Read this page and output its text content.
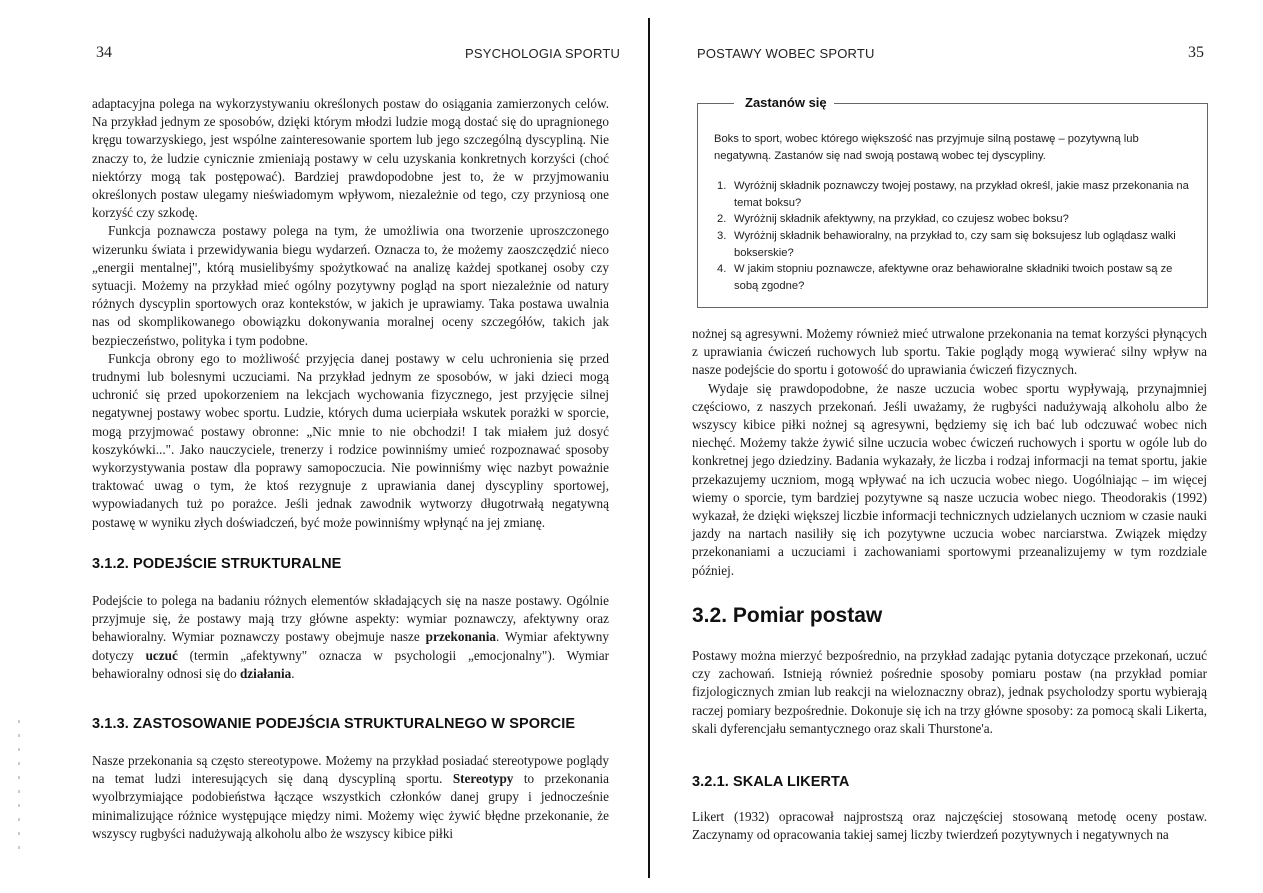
34	PSYCHOLOGIA SPORTU

adaptacyjna polega na wykorzystywaniu określonych postaw do osiągania zamierzonych celów. Na przykład jednym ze sposobów, dzięki którym młodzi ludzie mogą dostać się do upragnionego kręgu towarzyskiego, jest wspólne zainteresowanie sportem lub jego szczególną dyscypliną. Nie znaczy to, że ludzie cynicznie zmieniają postawy w celu uzyskania konkretnych korzyści (choć niektórzy mogą tak postępować). Bardziej prawdopodobne jest to, że w przyjmowaniu określonych postaw ulegamy nieświadomym wpływom, niezależnie od tego, czy przyniosą one korzyść czy szkodę.

Funkcja poznawcza postawy polega na tym, że umożliwia ona tworzenie uproszczonego wizerunku świata i przewidywania biegu wydarzeń. Oznacza to, że możemy zaoszczędzić nieco „energii mentalnej", którą musielibyśmy spożytkować na analizę każdej spotkanej osoby czy sytuacji. Możemy na przykład mieć ogólny pozytywny pogląd na sport niezależnie od natury różnych dyscyplin sportowych oraz kontekstów, w jakich je uprawiamy. Taka postawa uwalnia nas od skomplikowanego obowiązku dokonywania moralnej oceny szczegółów, takich jak bezpieczeństwo, polityka i tym podobne.

Funkcja obrony ego to możliwość przyjęcia danej postawy w celu uchronienia się przed trudnymi lub bolesnymi uczuciami. Na przykład jednym ze sposobów, w jaki dzieci mogą uchronić się przed upokorzeniem na lekcjach wychowania fizycznego, jest przyjęcie silnej negatywnej postawy wobec sportu. Ludzie, których duma ucierpiała wskutek porażki w sporcie, mogą przyjmować postawy obronne: „Nic mnie to nie obchodzi! I tak miałem już dosyć koszykówki...". Jako nauczyciele, trenerzy i rodzice powinniśmy umieć rozpoznawać sposoby wykorzystywania postaw dla poprawy samopoczucia. Nie powinniśmy więc nazbyt poważnie traktować uwag o tym, że ktoś rezygnuje z uprawiania danej dyscypliny sportowej, wypowiadanych tuż po porażce. Jeśli jednak zawodnik wytworzy długotrwałą negatywną postawę w wyniku złych doświadczeń, być może powinniśmy wpłynąć na jej zmianę.

3.1.2. PODEJŚCIE STRUKTURALNE

Podejście to polega na badaniu różnych elementów składających się na nasze postawy. Ogólnie przyjmuje się, że postawy mają trzy główne aspekty: wymiar poznawczy, afektywny oraz behawioralny. Wymiar poznawczy postawy obejmuje nasze przekonania. Wymiar afektywny dotyczy uczuć (termin „afektywny" oznacza w psychologii „emocjonalny"). Wymiar behawioralny odnosi się do działania.

3.1.3. ZASTOSOWANIE PODEJŚCIA STRUKTURALNEGO W SPORCIE

Nasze przekonania są często stereotypowe. Możemy na przykład posiadać stereotypowe poglądy na temat ludzi interesujących się daną dyscypliną sportu. Stereotypy to przekonania wyolbrzymiające podobieństwa łączące wszystkich członków danej grupy i jednocześnie minimalizujące różnice występujące między nimi. Możemy więc żywić błędne przekonanie, że wszyscy rugbyści nadużywają alkoholu albo że wszyscy kibice piłki

POSTAWY WOBEC SPORTU	35
Zastanów się

Boks to sport, wobec którego większość nas przyjmuje silną postawę – pozytywną lub negatywną. Zastanów się nad swoją postawą wobec tej dyscypliny.

1. Wyróżnij składnik poznawczy twojej postawy, na przykład określ, jakie masz przekonania na temat boksu?
2. Wyróżnij składnik afektywny, na przykład, co czujesz wobec boksu?
3. Wyróżnij składnik behawioralny, na przykład to, czy sam się boksujesz lub oglądasz walki bokserskie?
4. W jakim stopniu poznawcze, afektywne oraz behawioralne składniki twoich postaw są ze sobą zgodne?

nożnej są agresywni. Możemy również mieć utrwalone przekonania na temat korzyści płynących z uprawiania ćwiczeń ruchowych lub sportu. Takie poglądy mogą wywierać silny wpływ na nasze podejście do sportu i gotowość do uprawiania ćwiczeń fizycznych.

Wydaje się prawdopodobne, że nasze uczucia wobec sportu wypływają, przynajmniej częściowo, z naszych przekonań. Jeśli uważamy, że rugbyści nadużywają alkoholu albo że wszyscy kibice piłki nożnej są agresywni, będziemy się ich bać lub odczuwać wobec nich niechęć. Możemy także żywić silne uczucia wobec ćwiczeń ruchowych i sportu w ogóle lub do konkretnej jego dziedziny. Badania wykazały, że liczba i rodzaj informacji na temat sportu, jakie przekazujemy uczniom, mogą wpływać na ich uczucia wobec niego. Uogólniając – im więcej wiemy o sporcie, tym bardziej pozytywne są nasze uczucia wobec niego. Theodorakis (1992) wykazał, że dzięki większej liczbie informacji technicznych udzielanych uczniom w czasie nauki jazdy na nartach nasiliły się ich pozytywne uczucia wobec narciarstwa. Związek między przekonaniami a uczuciami i zachowaniami sportowymi przeanalizujemy w tym rozdziale później.

3.2. Pomiar postaw

Postawy można mierzyć bezpośrednio, na przykład zadając pytania dotyczące przekonań, uczuć czy zachowań. Istnieją również pośrednie sposoby pomiaru postaw (na przykład pomiar fizjologicznych zmian lub reakcji na wieloznaczny obraz), jednak psycholodzy sportu wybierają raczej pomiary bezpośrednie. Dokonuje się ich na trzy główne sposoby: za pomocą skali Likerta, skali dyferencjału semantycznego oraz skali Thurstone'a.

3.2.1. SKALA LIKERTA

Likert (1932) opracował najprostszą oraz najczęściej stosowaną metodę oceny postaw. Zaczynamy od opracowania takiej samej liczby twierdzeń pozytywnych i negatywnych na
